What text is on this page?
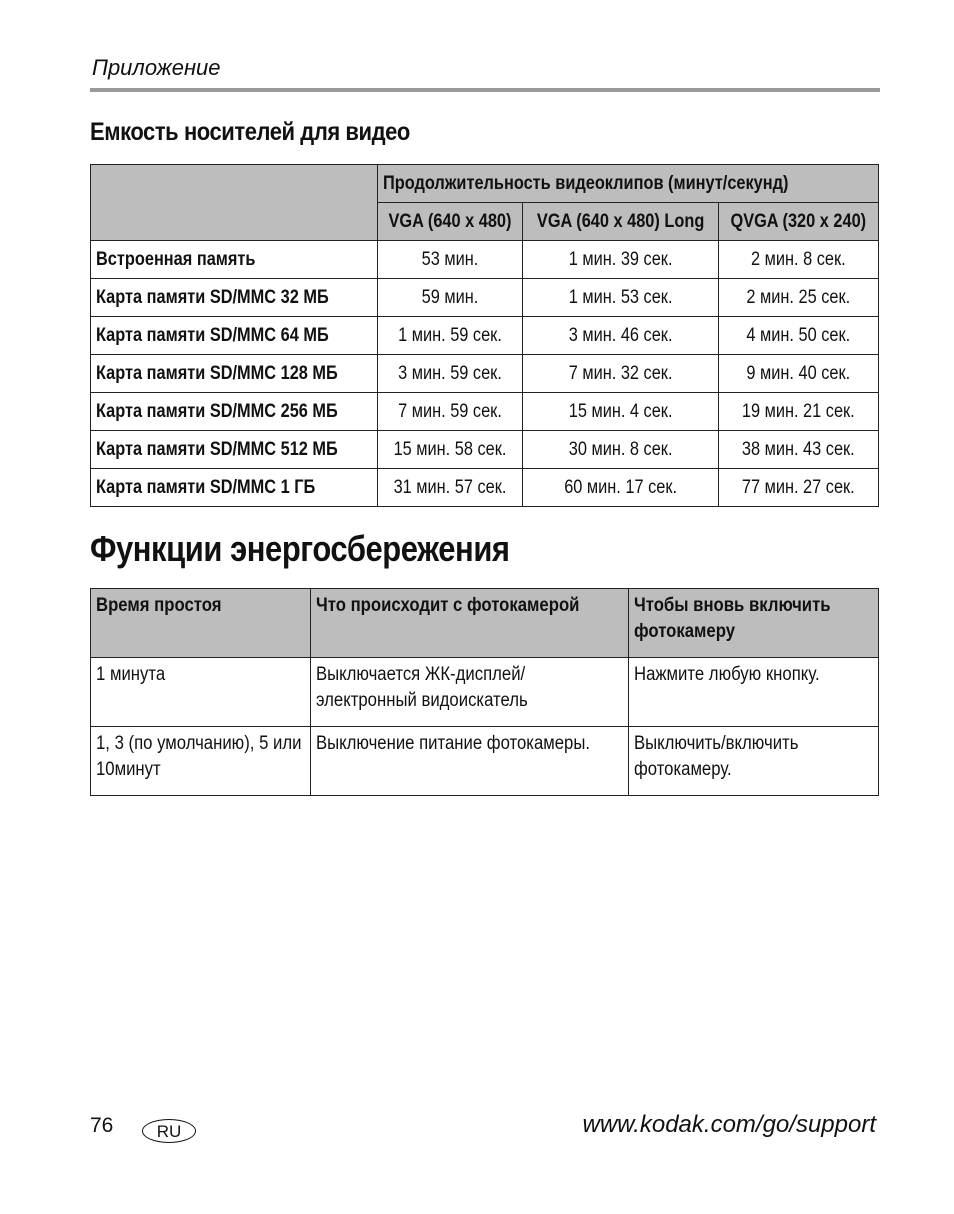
Приложение
Емкость носителей для видео

	Продолжительность видеоклипов (минут/секунд)		

	VGA (640 x 480)	VGA (640 x 480) Long	QVGA (320 x 240)

Встроенная память	53 мин.	1 мин. 39 сек.	2 мин. 8 сек.

Карта памяти SD/MMC 32 МБ	59 мин.	1 мин. 53 сек.	2 мин. 25 сек.

Карта памяти SD/MMC 64 МБ	1 мин. 59 сек.	3 мин. 46 сек.	4 мин. 50 сек.

Карта памяти SD/MMC 128 МБ	3 мин. 59 сек.	7 мин. 32 сек.	9 мин. 40 сек.

Карта памяти SD/MMC 256 МБ	7 мин. 59 сек.	15 мин. 4 сек.	19 мин. 21 сек.

Карта памяти SD/MMC 512 МБ	15 мин. 58 сек.	30 мин. 8 сек.	38 мин. 43 сек.

Карта памяти SD/MMC 1 ГБ	31 мин. 57 сек.	60 мин. 17 сек.	77 мин. 27 сек.
Функции энергосбережения
Время простоя	Что происходит с фотокамерой	Чтобы вновь включить фотокамеру

1 минута	Выключается ЖК-дисплей/ электронный видоискатель	Нажмите любую кнопку.

1, 3 (по умолчанию), 5 или 10минут	Выключение питание фотокамеры.	Выключить/включить фотокамеру.
76	RU	www.kodak.com/go/support
